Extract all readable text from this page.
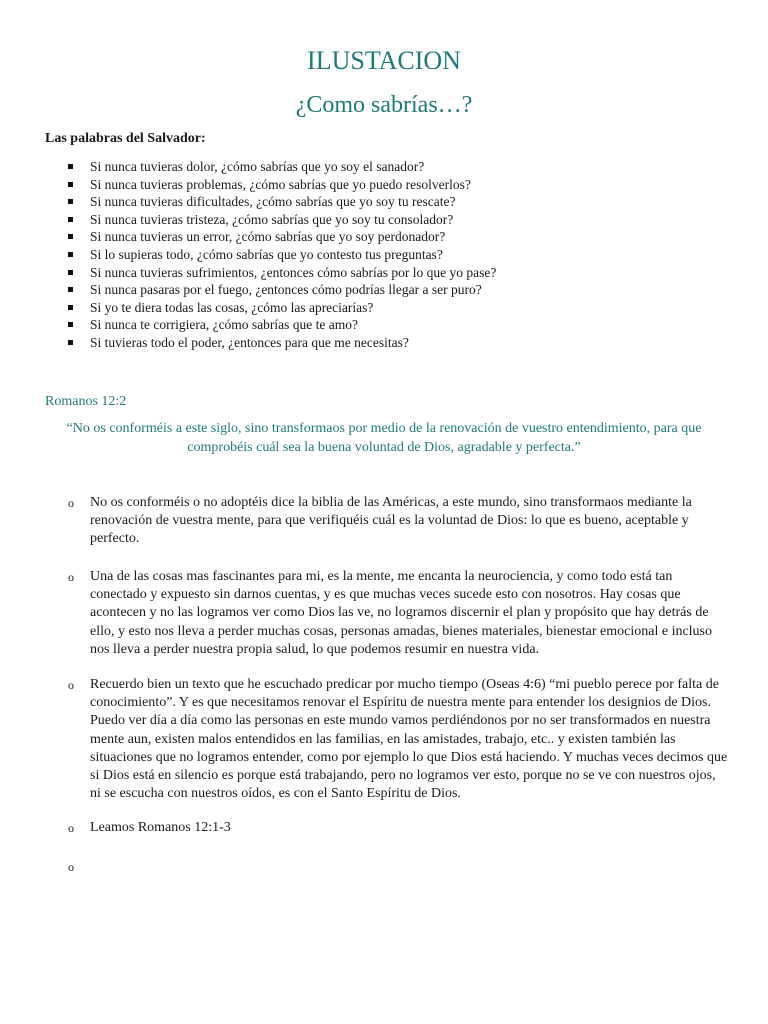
ILUSTACION
¿Como sabrías…?
Las palabras del Salvador:
Si nunca tuvieras dolor, ¿cómo sabrías que yo soy el sanador?
Si nunca tuvieras problemas, ¿cómo sabrías que yo puedo resolverlos?
Si nunca tuvieras dificultades, ¿cómo sabrías que yo soy tu rescate?
Si nunca tuvieras tristeza, ¿cómo sabrías que yo soy tu consolador?
Si nunca tuvieras un error, ¿cómo sabrías que yo soy perdonador?
Si lo supieras todo, ¿cómo sabrías que yo contesto tus preguntas?
Si nunca tuvieras sufrimientos, ¿entonces cómo sabrías por lo que yo pase?
Si nunca pasaras por el fuego, ¿entonces cómo podrías llegar a ser puro?
Si yo te diera todas las cosas, ¿cómo las apreciarías?
Si nunca te corrigiera, ¿cómo sabrías que te amo?
Si tuvieras todo el poder, ¿entonces para que me necesitas?
Romanos 12:2
“No os conforméis a este siglo, sino transformaos por medio de la renovación de vuestro entendimiento, para que comprobéis cuál sea la buena voluntad de Dios, agradable y perfecta.”
o No os conforméis o no adoptéis dice la biblia de las Américas, a este mundo, sino transformaos mediante la renovación de vuestra mente, para que verifiquéis cuál es la voluntad de Dios: lo que es bueno, aceptable y perfecto.
o Una de las cosas mas fascinantes para mi, es la mente, me encanta la neurociencia, y como todo está tan conectado y expuesto sin darnos cuentas, y es que muchas veces sucede esto con nosotros. Hay cosas que acontecen y no las logramos ver como Dios las ve, no logramos discernir el plan y propósito que hay detrás de ello, y esto nos lleva a perder muchas cosas, personas amadas, bienes materiales, bienestar emocional e incluso nos lleva a perder nuestra propia salud, lo que podemos resumir en nuestra vida.
o Recuerdo bien un texto que he escuchado predicar por mucho tiempo (Oseas 4:6) “mi pueblo perece por falta de conocimiento”. Y es que necesitamos renovar el Espíritu de nuestra mente para entender los designios de Dios. Puedo ver día a día como las personas en este mundo vamos perdiéndonos por no ser transformados en nuestra mente aun, existen malos entendidos en las familias, en las amistades, trabajo, etc.. y existen también las situaciones que no logramos entender, como por ejemplo lo que Dios está haciendo. Y muchas veces decimos que si Dios está en silencio es porque está trabajando, pero no logramos ver esto, porque no se ve con nuestros ojos, ni se escucha con nuestros oídos, es con el Santo Espíritu de Dios.
o Leamos Romanos 12:1-3
o
